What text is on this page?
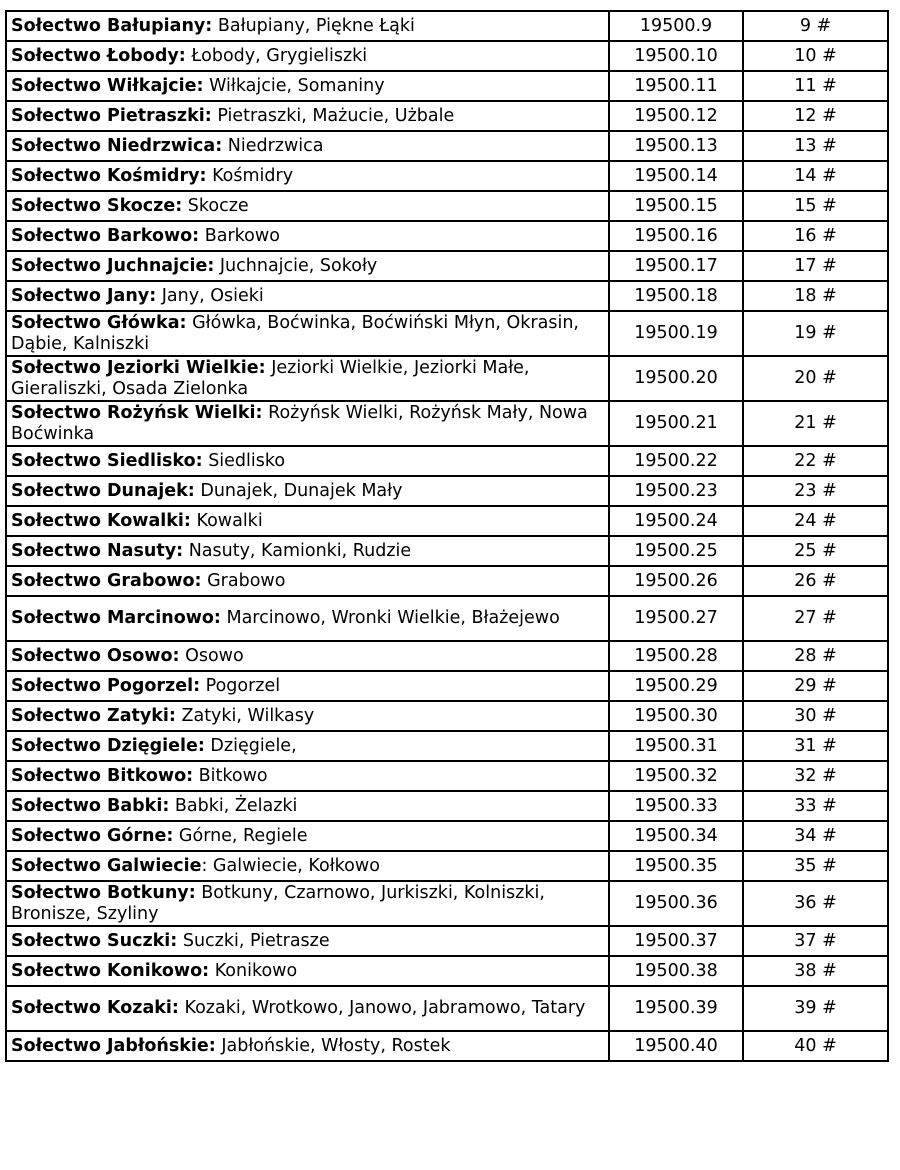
Sołectwo Bałupiany: Bałupiany, Piękne Łąki	19500.9	9 #
Sołectwo Łobody: Łobody, Grygieliszki	19500.10	10 #
Sołectwo Wiłkajcie: Wiłkajcie, Somaniny	19500.11	11 #
Sołectwo Pietraszki: Pietraszki, Mażucie, Użbale	19500.12	12 #
Sołectwo Niedrzwica: Niedrzwica	19500.13	13 #
Sołectwo Kośmidry: Kośmidry	19500.14	14 #
Sołectwo Skocze: Skocze	19500.15	15 #
Sołectwo Barkowo: Barkowo	19500.16	16 #
Sołectwo Juchnajcie: Juchnajcie, Sokoły	19500.17	17 #
Sołectwo Jany: Jany, Osieki	19500.18	18 #
Sołectwo Główka: Główka, Boćwinka, Boćwiński Młyn, Okrasin, Dąbie, Kalniszki	19500.19	19 #
Sołectwo Jeziorki Wielkie: Jeziorki Wielkie, Jeziorki Małe, Gieraliszki, Osada Zielonka	19500.20	20 #
Sołectwo Rożyńsk Wielki: Rożyńsk Wielki, Rożyńsk Mały, Nowa Boćwinka	19500.21	21 #
Sołectwo Siedlisko: Siedlisko	19500.22	22 #
Sołectwo Dunajek: Dunajek, Dunajek Mały	19500.23	23 #
Sołectwo Kowalki: Kowalki	19500.24	24 #
Sołectwo Nasuty: Nasuty, Kamionki, Rudzie	19500.25	25 #
Sołectwo Grabowo: Grabowo	19500.26	26 #
Sołectwo Marcinowo: Marcinowo, Wronki Wielkie, Błażejewo	19500.27	27 #
Sołectwo Osowo: Osowo	19500.28	28 #
Sołectwo Pogorzel: Pogorzel	19500.29	29 #
Sołectwo Zatyki: Zatyki, Wilkasy	19500.30	30 #
Sołectwo Dzięgiele: Dzięgiele,	19500.31	31 #
Sołectwo Bitkowo: Bitkowo	19500.32	32 #
Sołectwo Babki: Babki, Żelazki	19500.33	33 #
Sołectwo Górne: Górne, Regiele	19500.34	34 #
Sołectwo Galwiecie: Galwiecie, Kołkowo	19500.35	35 #
Sołectwo Botkuny: Botkuny, Czarnowo, Jurkiszki, Kolniszki, Bronisze, Szyliny	19500.36	36 #
Sołectwo Suczki: Suczki, Pietrasze	19500.37	37 #
Sołectwo Konikowo: Konikowo	19500.38	38 #
Sołectwo Kozaki: Kozaki, Wrotkowo, Janowo, Jabramowo, Tatary	19500.39	39 #
Sołectwo Jabłońskie: Jabłońskie, Włosty, Rostek	19500.40	40 #
